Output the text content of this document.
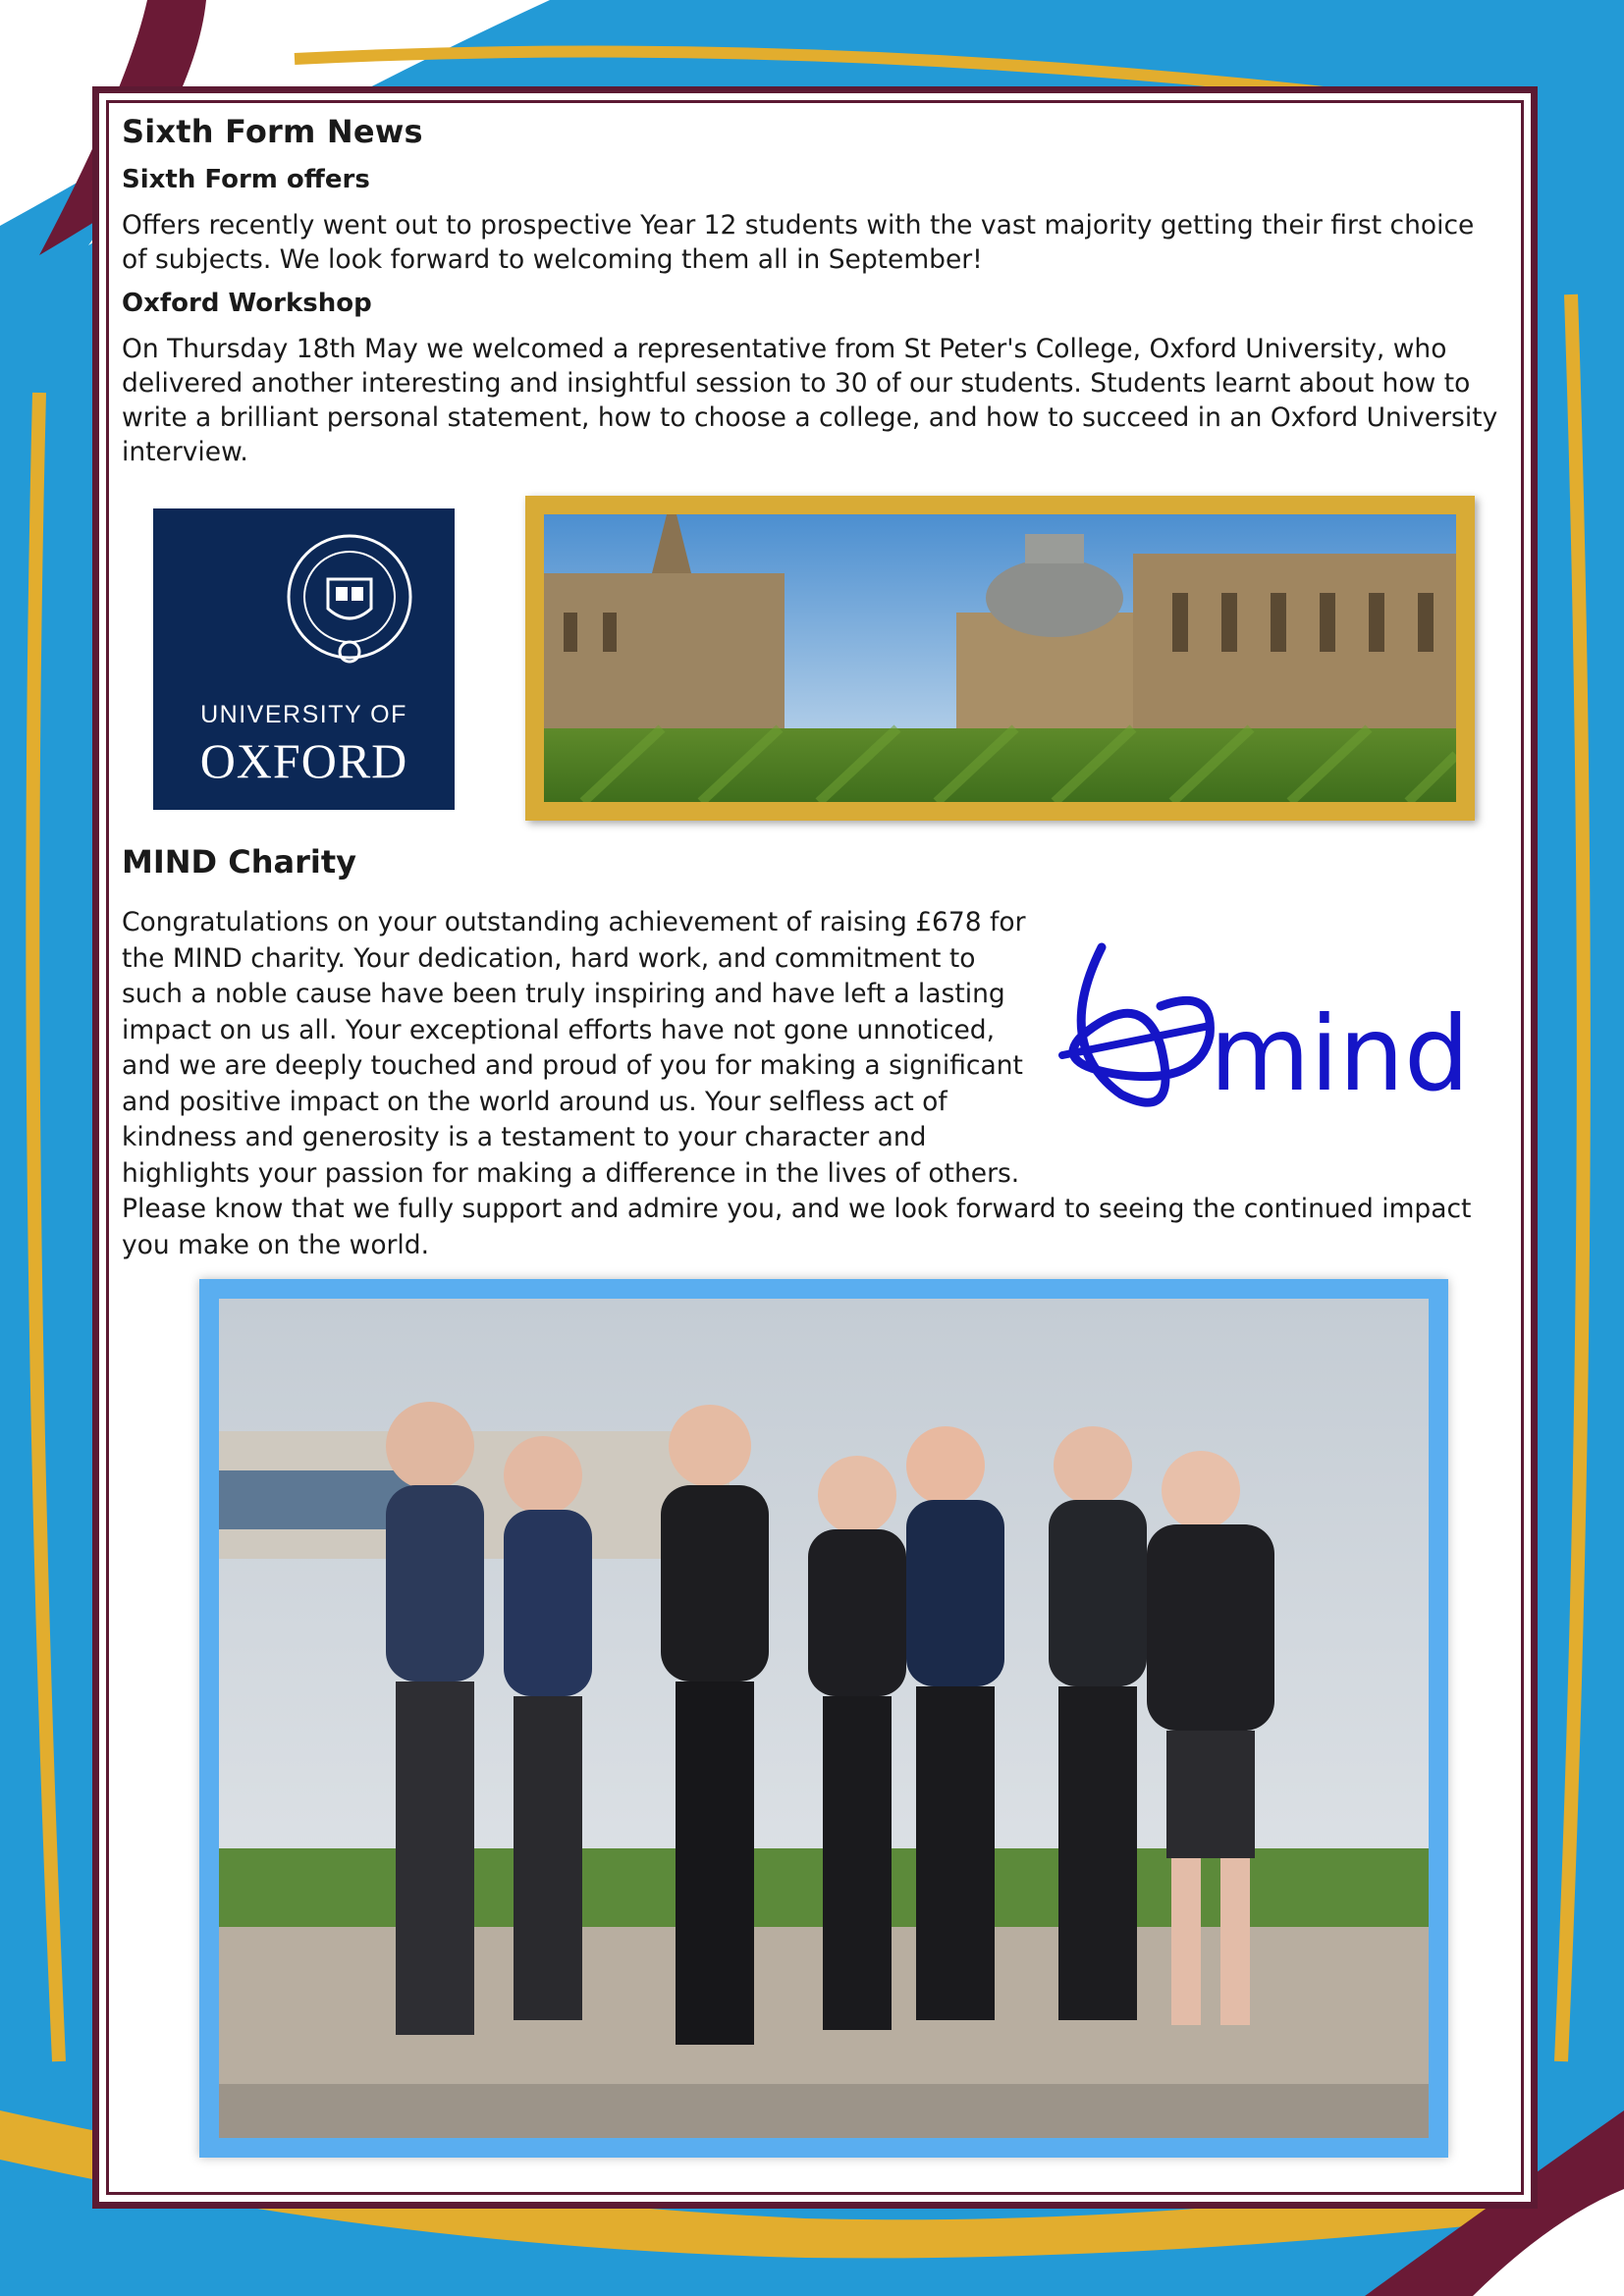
Sixth Form News
Sixth Form offers

Offers recently went out to prospective Year 12 students with the vast majority getting their first choice of subjects. We look forward to welcoming them all in September!

Oxford Workshop

On Thursday 18th May we welcomed a representative from St Peter's College, Oxford University, who delivered another interesting and insightful session to 30 of our students. Students learnt about how to write a brilliant personal statement, how to choose a college, and how to succeed in an Oxford University interview.

UNIVERSITY OF
OXFORD
MIND Charity

Congratulations on your outstanding achievement of raising £678 for the MIND charity. Your dedication, hard work, and commitment to such a noble cause have been truly inspiring and have left a lasting impact on us all. Your exceptional efforts have not gone unnoticed, and we are deeply touched and proud of you for making a significant and positive impact on the world around us. Your selfless act of kindness and generosity is a testament to your character and highlights your passion for making a difference in the lives of others. Please know that we fully support and admire you, and we look forward to seeing the continued impact you make on the world.

mind
